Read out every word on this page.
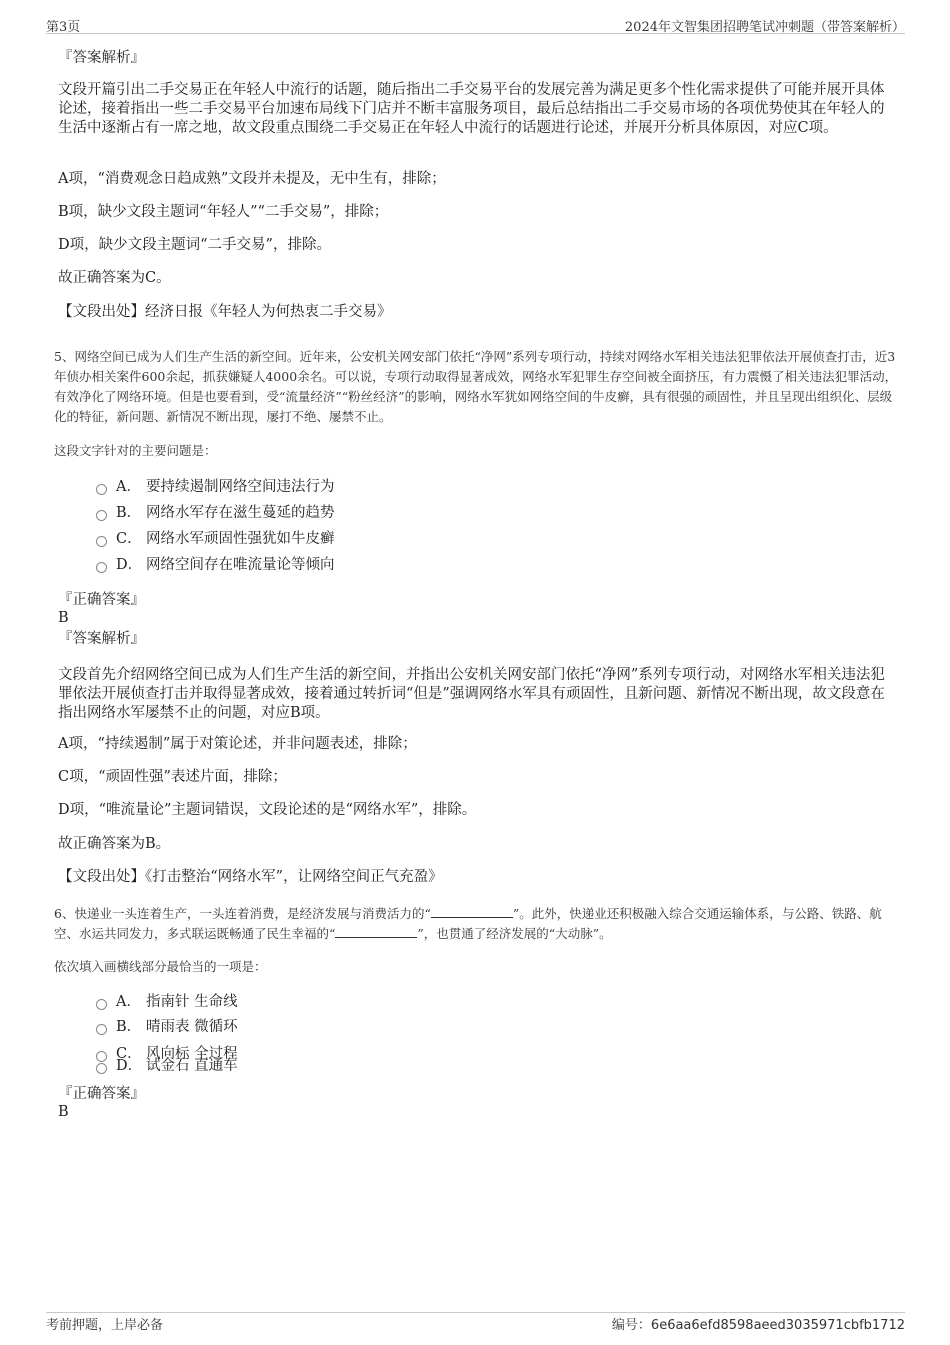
第3页	2024年文智集团招聘笔试冲刺题（带答案解析）
『答案解析』
文段开篇引出二手交易正在年轻人中流行的话题，随后指出二手交易平台的发展完善为满足更多个性化需求提供了可能并展开具体论述，接着指出一些二手交易平台加速布局线下门店并不断丰富服务项目，最后总结指出二手交易市场的各项优势使其在年轻人的生活中逐渐占有一席之地，故文段重点围绕二手交易正在年轻人中流行的话题进行论述，并展开分析具体原因，对应C项。
A项，“消费观念日趋成熟”文段并未提及，无中生有，排除；
B项，缺少文段主题词“年轻人”“二手交易”，排除；
D项，缺少文段主题词“二手交易”，排除。
故正确答案为C。
【文段出处】经济日报《年轻人为何热衷二手交易》
5、网络空间已成为人们生产生活的新空间。近年来，公安机关网安部门依托“净网”系列专项行动，持续对网络水军相关违法犯罪依法开展侦查打击，近3年侦办相关案件600余起，抓获嫌疑人4000余名。可以说，专项行动取得显著成效，网络水军犯罪生存空间被全面挤压，有力震慑了相关违法犯罪活动，有效净化了网络环境。但是也要看到，受“流量经济”“粉丝经济”的影响，网络水军犹如网络空间的牛皮癣，具有很强的顽固性，并且呈现出组织化、层级化的特征，新问题、新情况不断出现，屡打不绝、屡禁不止。
这段文字针对的主要问题是：
A． 要持续遏制网络空间违法行为
B． 网络水军存在滋生蔓延的趋势
C． 网络水军顽固性强犹如牛皮癣
D． 网络空间存在唯流量论等倾向
『正确答案』
B
『答案解析』
文段首先介绍网络空间已成为人们生产生活的新空间，并指出公安机关网安部门依托“净网”系列专项行动，对网络水军相关违法犯罪依法开展侦查打击并取得显著成效，接着通过转折词“但是”强调网络水军具有顽固性，且新问题、新情况不断出现，故文段意在指出网络水军屡禁不止的问题，对应B项。
A项，“持续遏制”属于对策论述，并非问题表述，排除；
C项，“顽固性强”表述片面，排除；
D项，“唯流量论”主题词错误，文段论述的是“网络水军”，排除。
故正确答案为B。
【文段出处】《打击整治“网络水军”，让网络空间正气充盈》
6、快递业一头连着生产，一头连着消费，是经济发展与消费活力的“	”。此外，快递业还积极融入综合交通运输体系，与公路、铁路、航空、水运共同发力，多式联运既畅通了民生幸福的“	”，也贯通了经济发展的“大动脉”。
依次填入画横线部分最恰当的一项是：
A． 指南针 生命线
B． 晴雨表 微循环
C． 风向标 全过程
D． 试金石 直通车
『正确答案』
B
考前押题，上岸必备	编号：6e6aa6efd8598aeed3035971cbfb1712
